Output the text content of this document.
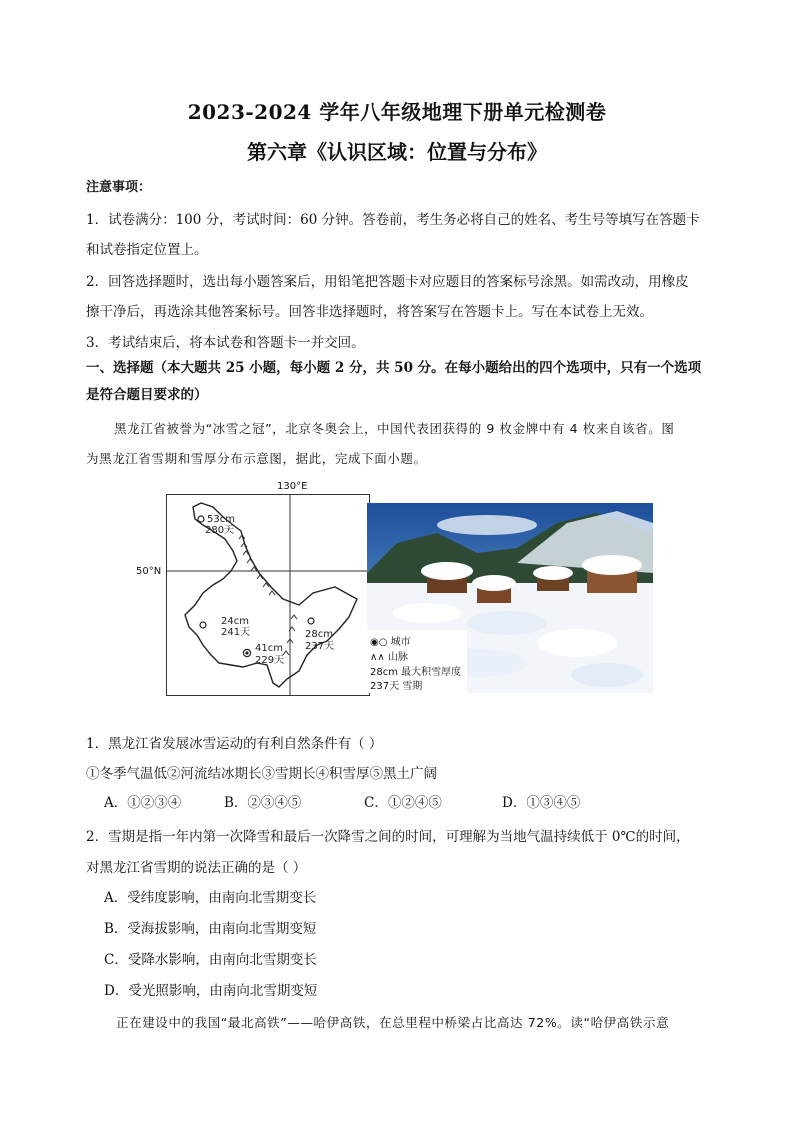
2023-2024 学年八年级地理下册单元检测卷
第六章《认识区域：位置与分布》
注意事项：
1．试卷满分：100 分，考试时间：60 分钟。答卷前，考生务必将自己的姓名、考生号等填写在答题卡
和试卷指定位置上。
2．回答选择题时，选出每小题答案后，用铅笔把答题卡对应题目的答案标号涂黑。如需改动，用橡皮
擦干净后，再选涂其他答案标号。回答非选择题时，将答案写在答题卡上。写在本试卷上无效。
3．考试结束后，将本试卷和答题卡一并交回。
一、选择题（本大题共 25 小题，每小题 2 分，共 50 分。在每小题给出的四个选项中，只有一个选项
是符合题目要求的）
黑龙江省被誉为“冰雪之冠”，北京冬奥会上，中国代表团获得的 9 枚金牌中有 4 枚来自该省。图
为黑龙江省雪期和雪厚分布示意图，据此，完成下面小题。
130°E
50°N
53cm
280天
24cm
241天
41cm
229天
28cm
237天	◉○ 城市
∧∧ 山脉
28cm 最大积雪厚度
237天 雪期
1．黑龙江省发展冰雪运动的有利自然条件有（ ）
①冬季气温低②河流结冰期长③雪期长④积雪厚⑤黑土广阔
A．①②③④	B．②③④⑤	C．①②④⑤	D．①③④⑤
2．雪期是指一年内第一次降雪和最后一次降雪之间的时间，可理解为当地气温持续低于 0℃的时间，
对黑龙江省雪期的说法正确的是（ ）
A．受纬度影响，由南向北雪期变长
B．受海拔影响，由南向北雪期变短
C．受降水影响，由南向北雪期变长
D．受光照影响，由南向北雪期变短
正在建设中的我国“最北高铁”——哈伊高铁，在总里程中桥梁占比高达 72%。读“哈伊高铁示意
